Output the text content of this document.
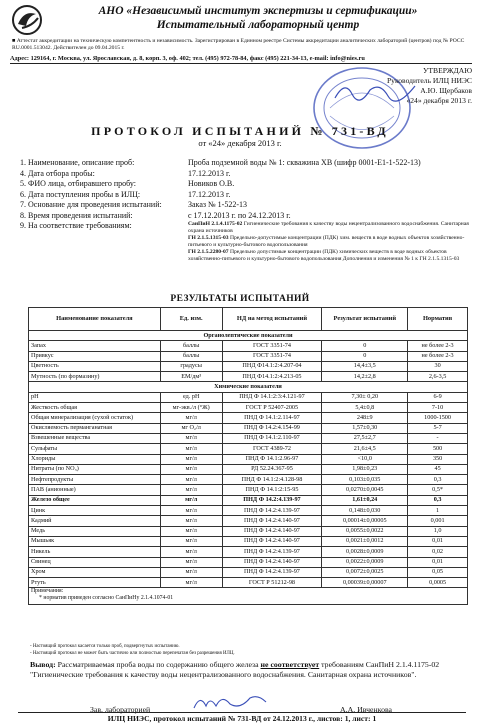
АНО «Независимый институт экспертизы и сертификации»
Испытательный лабораторный центр
■ Аттестат аккредитации на техническую компетентность и независимость. Зарегистрирован в Единном реестре Системы аккредитации аналитических лабораторий (центров) под № РОСС RU.0001.513042. Действителен до 09.04.2015 г.
Адрес: 129164, г. Москва, ул. Ярославская, д. 8, корп. 3, оф. 402; тел. (495) 972-78-84, факс (495) 221-34-13, e-mail: info@nies.ru
УТВЕРЖДАЮ
Руководитель ИЛЦ НИЭС
А.Ю. Щербаков
«24» декабря 2013 г.
ПРОТОКОЛ ИСПЫТАНИЙ № 731-ВД
от «24» декабря 2013 г.
1. Наименование, описание проб:	Проба подземной воды № 1: скважина ХВ (шифр 0001-Е1-1-522-13)
4. Дата отбора пробы:	17.12.2013 г.
5. ФИО лица, отбиравшего пробу:	Новиков О.В.
6. Дата поступления пробы в ИЛЦ:	17.12.2013 г.
7. Основание для проведения испытаний:	Заказ № 1-522-13
8. Время проведения испытаний:	с 17.12.2013 г. по 24.12.2013 г.
9. На соответствие требованиям:	СанПиН 2.1.4.1175-02 Гигиенические требования к качеству воды нецентрализованного водоснабжения. Санитарная охрана источников
ГН 2.1.5.1315-03 Предельно-допустимые концентрации (ПДК) хим. веществ в воде водных объектов хозяйственно-питьевого и культурно-бытового водопользования
ГН 2.1.5.2280-07 Предельно допустимые концентрации (ПДК) химических веществ в воде водных объектов хозяйственно-питьевого и культурно-бытового водопользования Дополнения и изменения № 1 к ГН 2.1.5.1315-03
РЕЗУЛЬТАТЫ ИСПЫТАНИЙ
Наименование показателя	Ед. изм.	НД на метод испытаний	Результат испытаний	Норматив
Органолептические показатели				
Запах	баллы	ГОСТ 3351-74	0	не более 2-3
Привкус	баллы	ГОСТ 3351-74	0	не более 2-3
Цветность	градусы	ПНД Ф14.1:2:4.207-04	14,4±3,5	30
Мутность (по формазину)	ЕМ/дм³	ПНД Ф14.1:2:4.213-05	14,2±2,8	2,6-3,5
Химические показатели				
pH	ед. рН	ПНД Ф 14.1:2:3:4.121-97	7,30± 0,20	6-9
Жесткость общая	мг-экв./л (°Ж)	ГОСТ Р 52407-2005	5,4±0,8	7-10
Общая минерализация (сухой остаток)	мг/л	ПНД Ф 14.1:2.114-97	248±9	1000-1500
Окисляемость перманганатная	мг О₂/л	ПНД Ф 14.2:4.154-99	1,57±0,30	5-7
Взвешенные вещества	мг/л	ПНД Ф 14.1:2.110-97	27,5±2,7	-
Сульфаты	мг/л	ГОСТ 4389-72	21,6±4,5	500
Хлориды	мг/л	ПНД Ф 14.1:2.96-97	<10,0	350
Нитраты (по NO₃)	мг/л	РД 52.24.367-95	1,98±0,23	45
Нефтепродукты	мг/л	ПНД Ф 14.1:2:4.128-98	0,103±0,035	0,3
ПАВ (анионные)	мг/л	ПНД Ф 14.1:2:15-95	0,0270±0,0045	0,5*
Железо общее	мг/л	ПНД Ф 14.2:4.139-97	1,61±0,24	0,3
Цинк	мг/л	ПНД Ф 14.2:4.139-97	0,148±0,030	1
Кадмий	мг/л	ПНД Ф 14.2:4.140-97	0,00014±0,00005	0,001
Медь	мг/л	ПНД Ф 14.2:4.140-97	0,0055±0,0022	1,0
Мышьяк	мг/л	ПНД Ф 14.2:4.140-97	0,0021±0,0012	0,01
Никель	мг/л	ПНД Ф 14.2:4.139-97	0,0028±0,0009	0,02
Свинец	мг/л	ПНД Ф 14.2:4.140-97	0,0022±0,0009	0,01
Хром	мг/л	ПНД Ф 14.2:4.139-97	0,0072±0,0025	0,05
Ртуть	мг/л	ГОСТ Р 51212-98	0,00039±0,00007	0,0005
Примечания:
* норматив приведен согласно СанПиНу 2.1.4.1074-01				
- Настоящий протокол касается только проб, подвергнутых испытанию.
- Настоящий протокол не может быть частично или полностью перепечатан без разрешения ИЛЦ.
Вывод: Рассматриваемая проба воды по содержанию общего железа не соответствует требованиям СанПиН 2.1.4.1175-02 "Гигиенические требования к качеству воды нецентрализованного водоснабжения. Санитарная охрана источников".
Зав. лабораторией	А.А. Ивченкова
ИЛЦ НИЭС, протокол испытаний № 731-ВД от 24.12.2013 г., листов: 1, лист: 1
